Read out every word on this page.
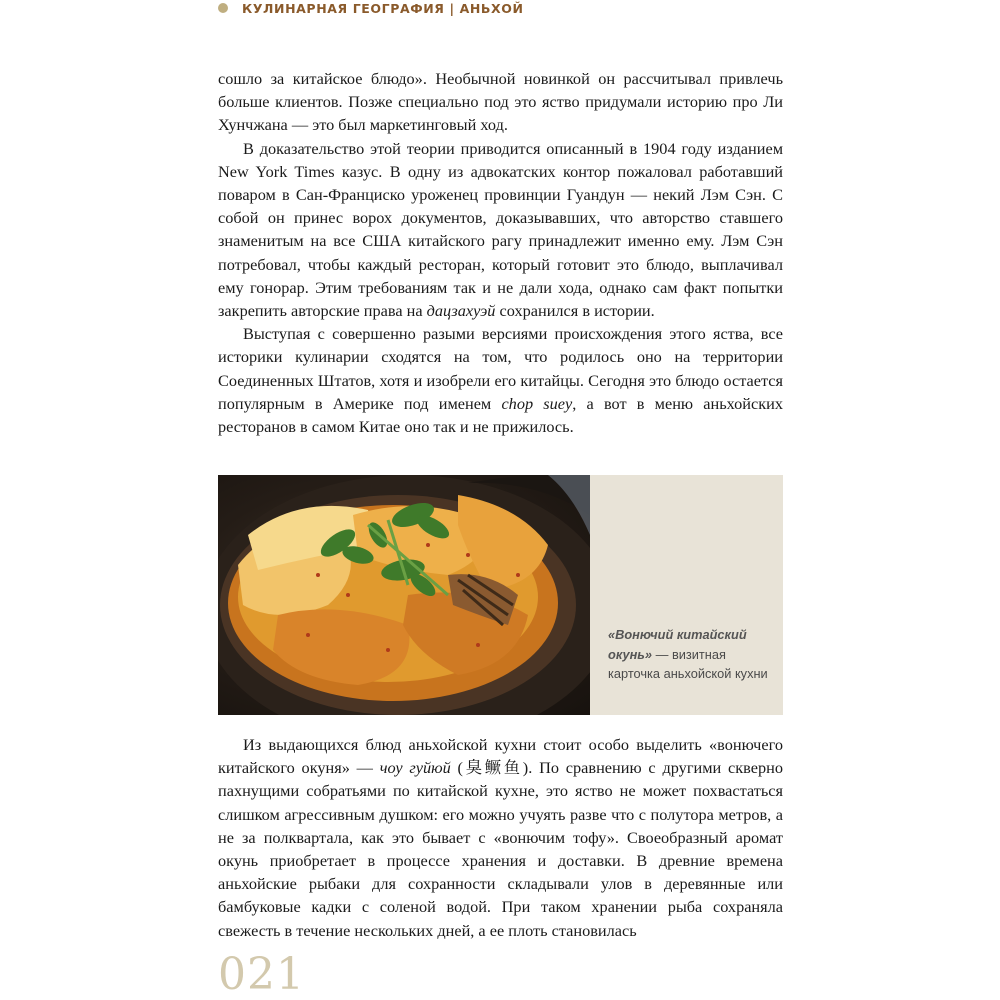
КУЛИНАРНАЯ ГЕОГРАФИЯ | АНЬХОЙ

сошло за китайское блюдо». Необычной новинкой он рассчитывал привлечь больше клиентов. Позже специально под это яство придумали историю про Ли Хунчжана — это был маркетинговый ход.

В доказательство этой теории приводится описанный в 1904 году изданием New York Times казус. В одну из адвокатских контор пожаловал работавший поваром в Сан-Франциско уроженец провинции Гуандун — некий Лэм Сэн. С собой он принес ворох документов, доказывавших, что авторство ставшего знаменитым на все США китайского рагу принадлежит именно ему. Лэм Сэн потребовал, чтобы каждый ресторан, который готовит это блюдо, выплачивал ему гонорар. Этим требованиям так и не дали хода, однако сам факт попытки закрепить авторские права на дацзахуэй сохранился в истории.

Выступая с совершенно разыми версиями происхождения этого яства, все историки кулинарии сходятся на том, что родилось оно на территории Соединенных Штатов, хотя и изобрели его китайцы. Сегодня это блюдо остается популярным в Америке под именем chop suey, а вот в меню аньхойских ресторанов в самом Китае оно так и не прижилось.

«Вонючий китайский окунь» — визитная карточка аньхойской кухни

Из выдающихся блюд аньхойской кухни стоит особо выделить «вонючего китайского окуня» — чоу гуйюй (臭鳜鱼). По сравнению с другими скверно пахнущими собратьями по китайской кухне, это яство не может похвастаться слишком агрессивным душком: его можно учуять разве что с полутора метров, а не за полквартала, как это бывает с «вонючим тофу». Своеобразный аромат окунь приобретает в процессе хранения и доставки. В древние времена аньхойские рыбаки для сохранности складывали улов в деревянные или бамбуковые кадки с соленой водой. При таком хранении рыба сохраняла свежесть в течение нескольких дней, а ее плоть становилась

021
